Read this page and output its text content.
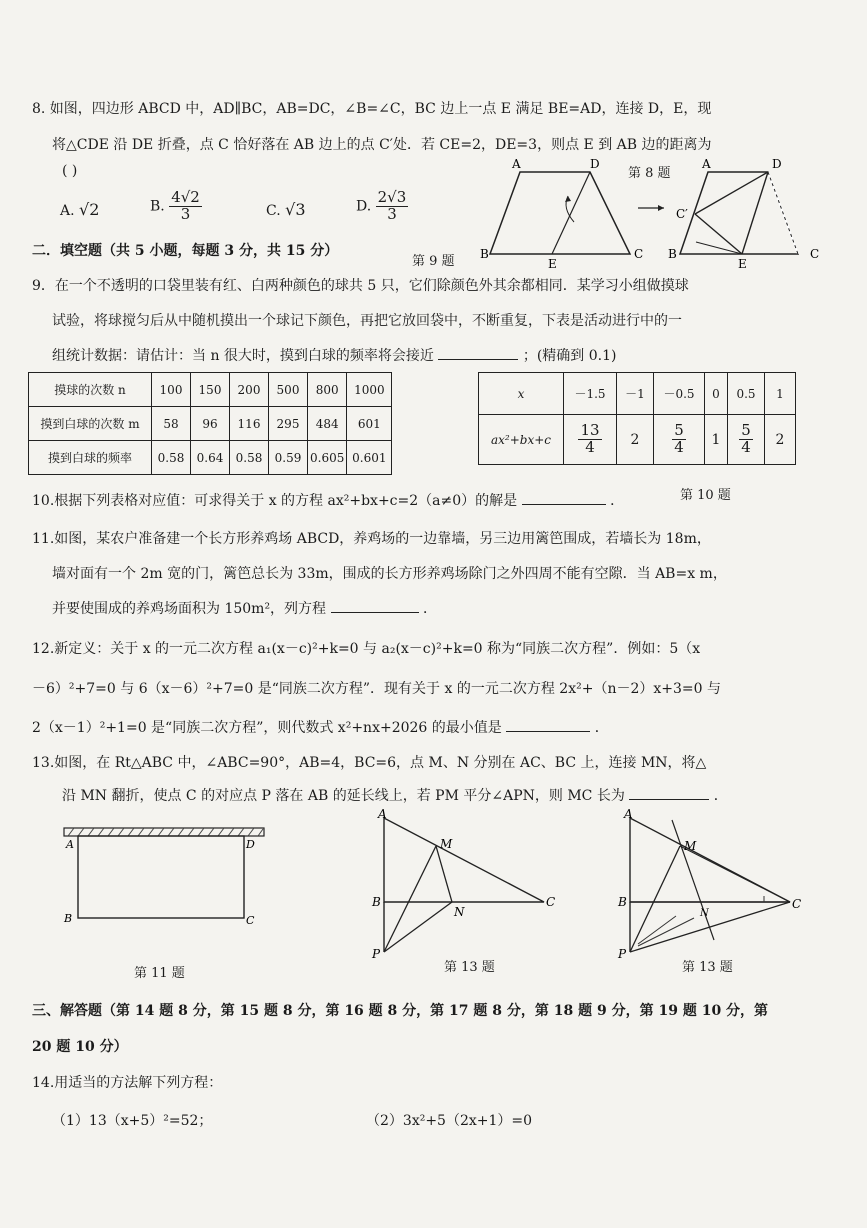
8. 如图，四边形 ABCD 中，AD∥BC，AB=DC，∠B=∠C，BC 边上一点 E 满足 BE=AD，连接 D，E，现
将△CDE 沿 DE 折叠，点 C 恰好落在 AB 边上的点 C′处．若 CE=2，DE=3，则点 E 到 AB 边的距离为
( )
A. √2	B. $\frac{4√2}{3}$	C. √3	D. $\frac{2√3}{3}$
A	D
B	C
E
A	D
C′
B
E
C
第 8 题
二．填空题（共 5 小题，每题 3 分，共 15 分）
第 9 题
9．在一个不透明的口袋里装有红、白两种颜色的球共 5 只，它们除颜色外其余都相同．某学习小组做摸球
试验，将球搅匀后从中随机摸出一个球记下颜色，再把它放回袋中，不断重复，下表是活动进行中的一
组统计数据：请估计：当 n 很大时，摸到白球的频率将会接近	；(精确到 0.1)
摸球的次数 n	100	150	200	500	800	1000
摸到白球的次数 m	58	96	116	295	484	601
摸到白球的频率	0.58	0.64	0.58	0.59	0.605	0.601
x	－1.5	－1	－0.5	0	0.5	1
ax²+bx+c	$\frac{13}{4}$	2	$\frac{5}{4}$	1	$\frac{5}{4}$	2
10.根据下列表格对应值：可求得关于 x 的方程 ax²+bx+c=2（a≠0）的解是	．	第 10 题
11.如图，某农户准备建一个长方形养鸡场 ABCD，养鸡场的一边靠墙，另三边用篱笆围成，若墙长为 18m，
墙对面有一个 2m 宽的门，篱笆总长为 33m，围成的长方形养鸡场除门之外四周不能有空隙．当 AB=x m，
并要使围成的养鸡场面积为 150m²，列方程	．
12.新定义：关于 x 的一元二次方程 a₁(x－c)²+k=0 与 a₂(x－c)²+k=0 称为“同族二次方程”．例如：5（x
－6）²+7=0 与 6（x－6）²+7=0 是“同族二次方程”．现有关于 x 的一元二次方程 2x²+（n－2）x+3=0 与
2（x－1）²+1=0 是“同族二次方程”，则代数式 x²+nx+2026 的最小值是	．
13.如图，在 Rt△ABC 中，∠ABC=90°，AB=4，BC=6，点 M、N 分别在 AC、BC 上，连接 MN，将△
沿 MN 翻折，使点 C 的对应点 P 落在 AB 的延长线上，若 PM 平分∠APN，则 MC 长为	．
A	D
B	C
第 11 题
A
M
B
N
C
P
第 13 题
A
M
B
N
C
P
第 13 题
三、解答题（第 14 题 8 分，第 15 题 8 分，第 16 题 8 分，第 17 题 8 分，第 18 题 9 分，第 19 题 10 分，第
20 题 10 分）
14.用适当的方法解下列方程：
（1）13（x+5）²=52；	（2）3x²+5（2x+1）=0
